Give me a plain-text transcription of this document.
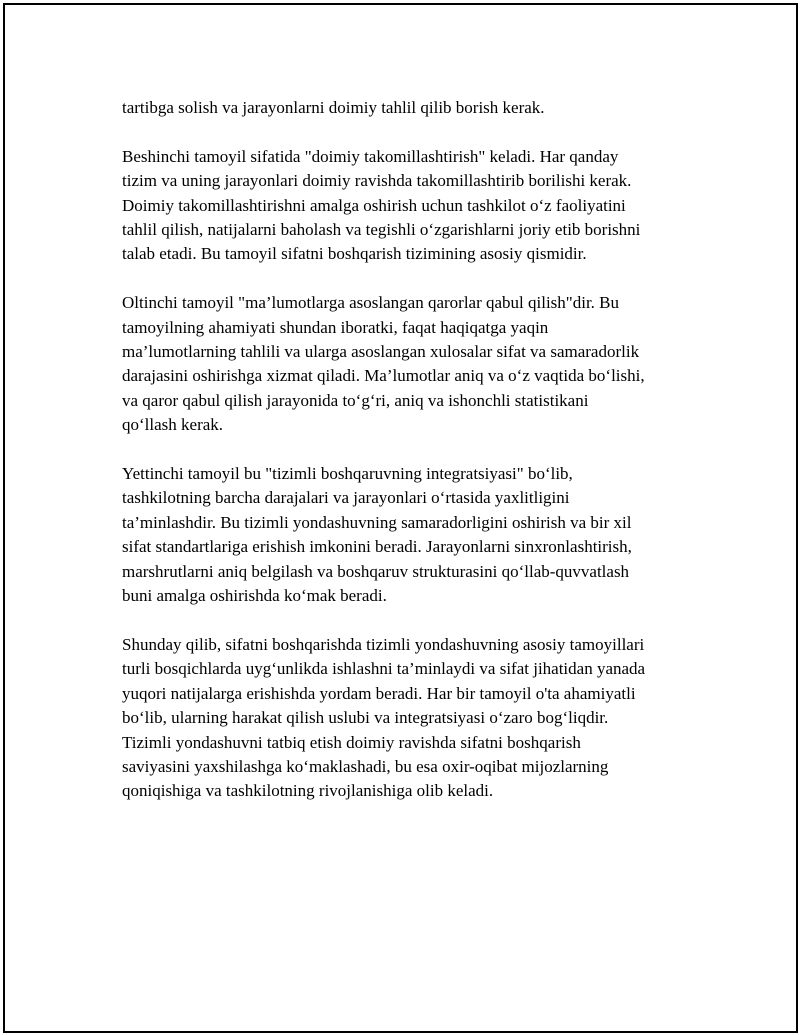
tartibga solish va jarayonlarni doimiy tahlil qilib borish kerak.

Beshinchi tamoyil sifatida "doimiy takomillashtirish" keladi. Har qanday
tizim va uning jarayonlari doimiy ravishda takomillashtirib borilishi kerak.
Doimiy takomillashtirishni amalga oshirish uchun tashkilot o‘z faoliyatini
tahlil qilish, natijalarni baholash va tegishli o‘zgarishlarni joriy etib borishni
talab etadi. Bu tamoyil sifatni boshqarish tizimining asosiy qismidir.

Oltinchi tamoyil "ma’lumotlarga asoslangan qarorlar qabul qilish"dir. Bu
tamoyilning ahamiyati shundan iboratki, faqat haqiqatga yaqin
ma’lumotlarning tahlili va ularga asoslangan xulosalar sifat va samaradorlik
darajasini oshirishga xizmat qiladi. Ma’lumotlar aniq va o‘z vaqtida bo‘lishi,
va qaror qabul qilish jarayonida to‘g‘ri, aniq va ishonchli statistikani
qo‘llash kerak.

Yettinchi tamoyil bu "tizimli boshqaruvning integratsiyasi" bo‘lib,
tashkilotning barcha darajalari va jarayonlari o‘rtasida yaxlitligini
ta’minlashdir. Bu tizimli yondashuvning samaradorligini oshirish va bir xil
sifat standartlariga erishish imkonini beradi. Jarayonlarni sinxronlashtirish,
marshrutlarni aniq belgilash va boshqaruv strukturasini qo‘llab-quvvatlash
buni amalga oshirishda ko‘mak beradi.

Shunday qilib, sifatni boshqarishda tizimli yondashuvning asosiy tamoyillari
turli bosqichlarda uyg‘unlikda ishlashni ta’minlaydi va sifat jihatidan yanada
yuqori natijalarga erishishda yordam beradi. Har bir tamoyil o'ta ahamiyatli
bo‘lib, ularning harakat qilish uslubi va integratsiyasi o‘zaro bog‘liqdir.
Tizimli yondashuvni tatbiq etish doimiy ravishda sifatni boshqarish
saviyasini yaxshilashga ko‘maklashadi, bu esa oxir-oqibat mijozlarning
qoniqishiga va tashkilotning rivojlanishiga olib keladi.
